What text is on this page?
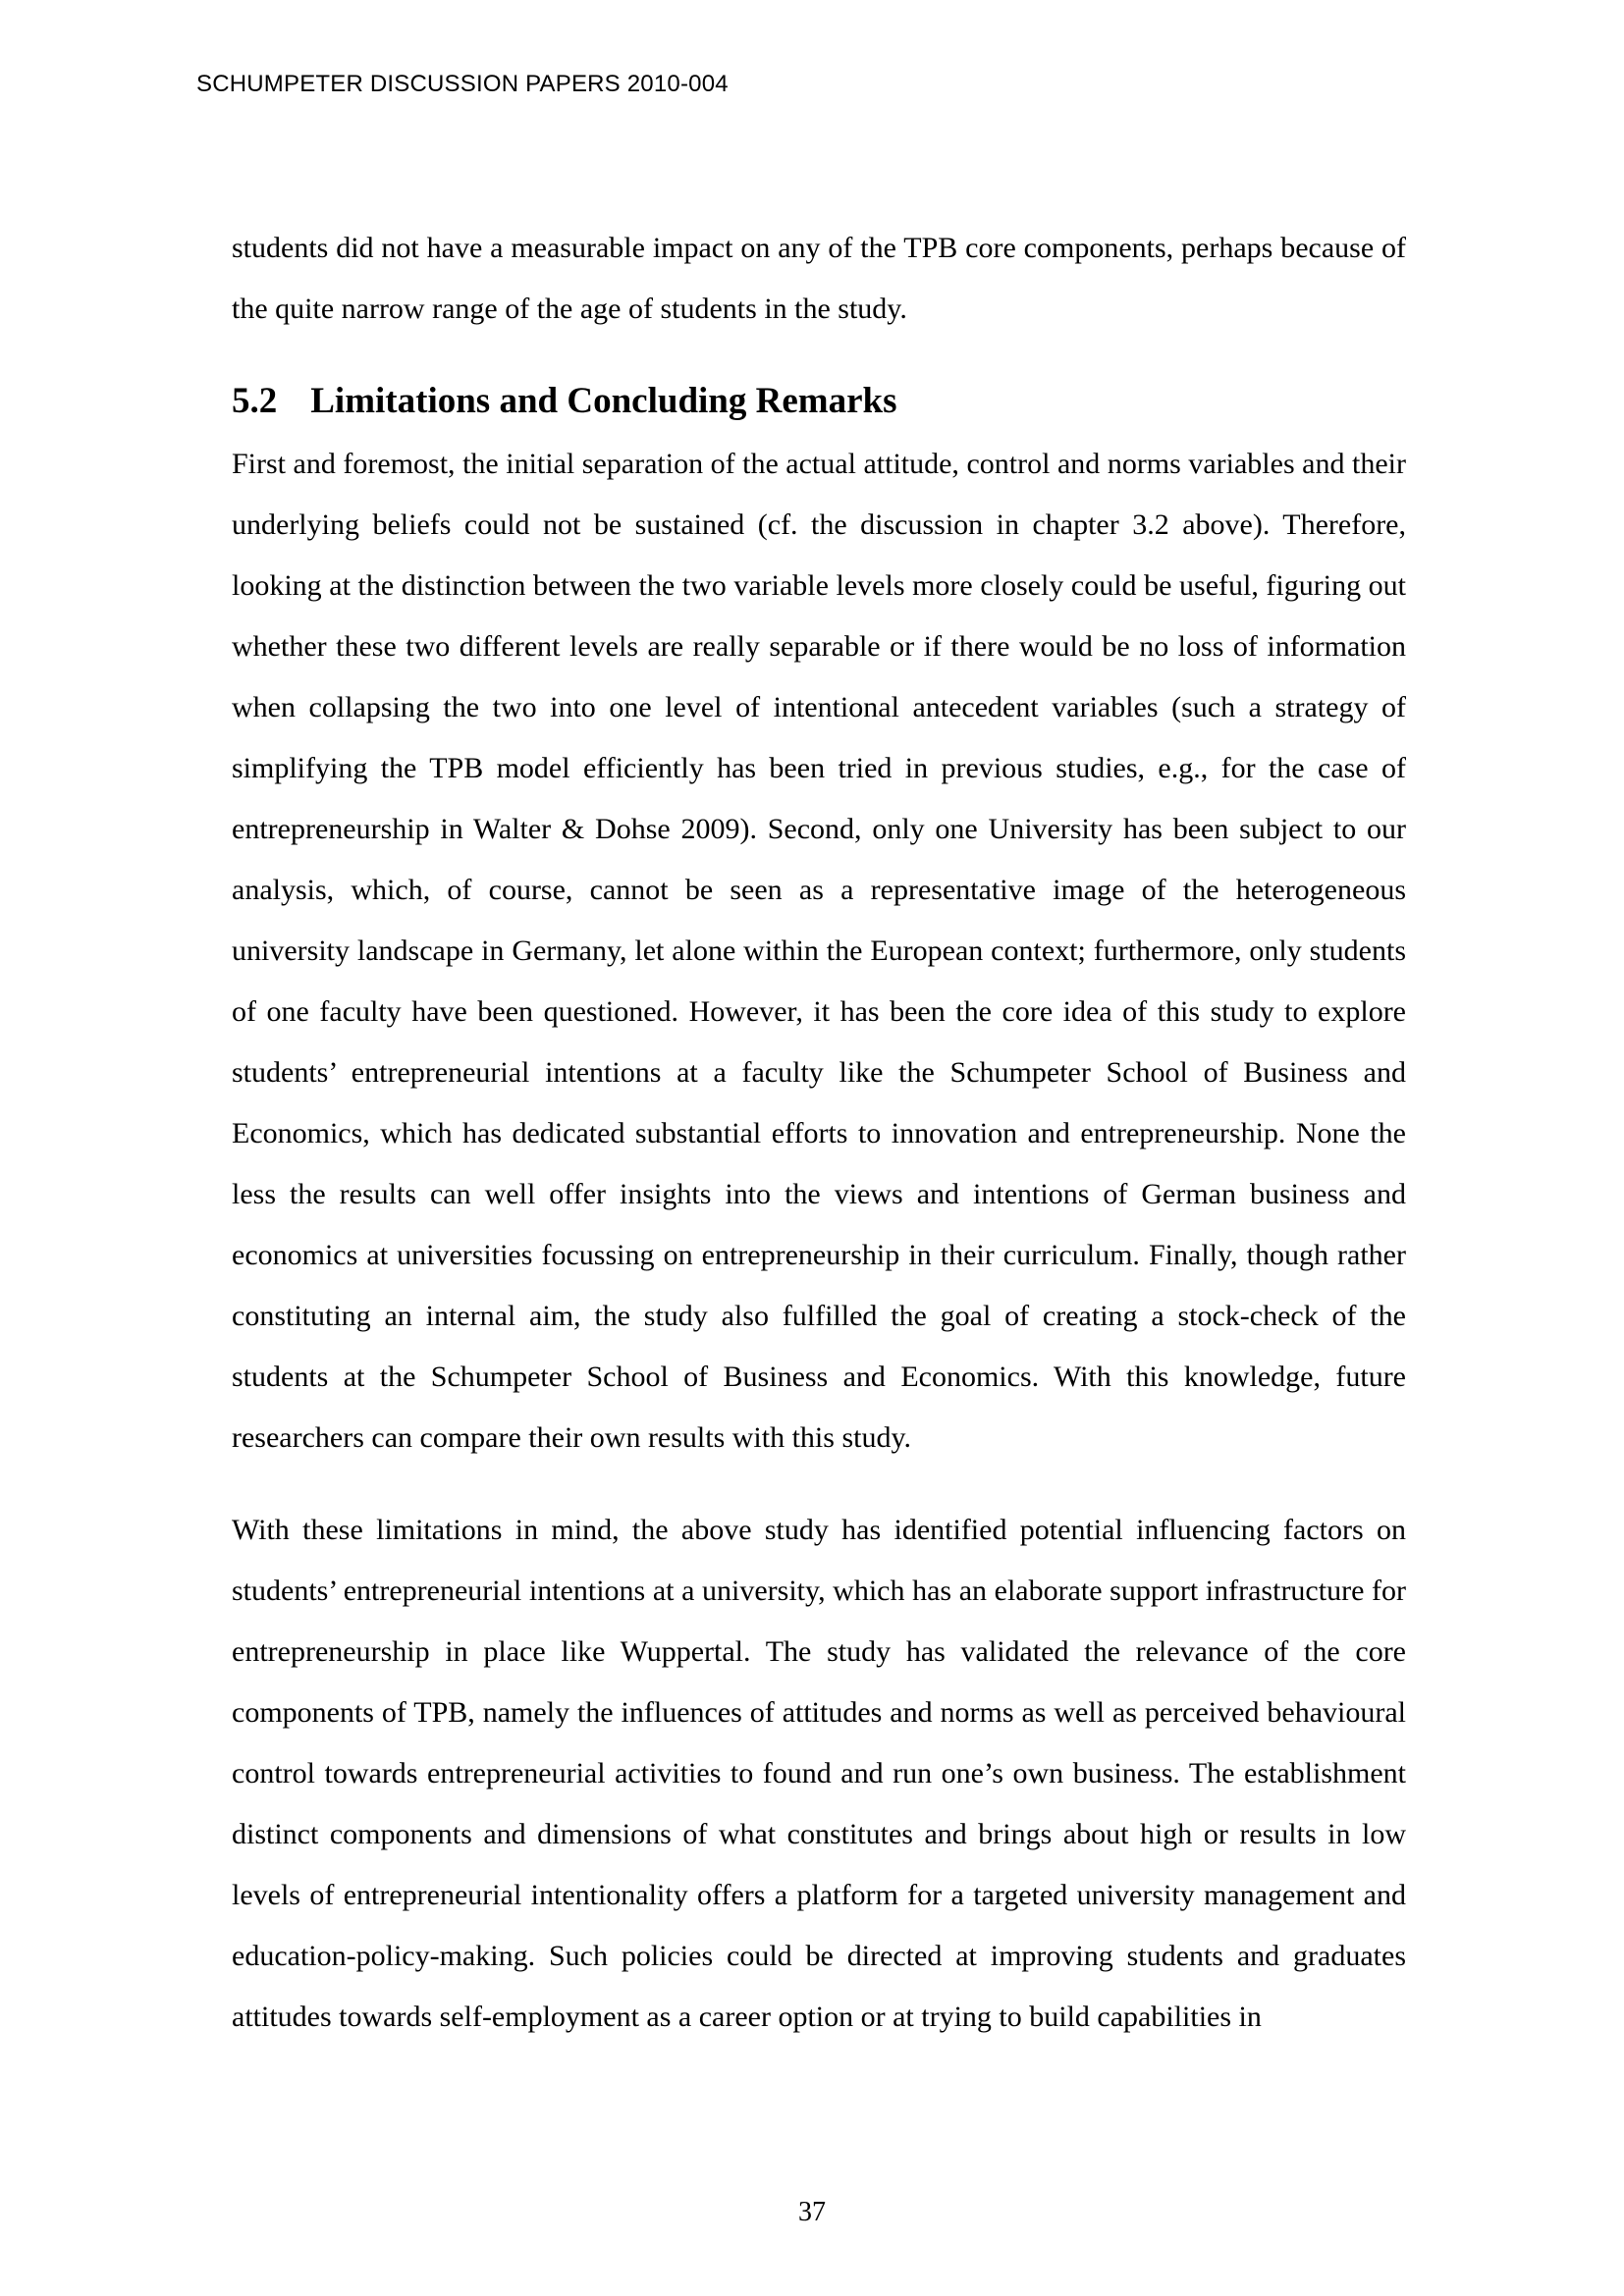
SCHUMPETER DISCUSSION PAPERS 2010-004

students did not have a measurable impact on any of the TPB core components, perhaps because of the quite narrow range of the age of students in the study.

5.2 Limitations and Concluding Remarks

First and foremost, the initial separation of the actual attitude, control and norms variables and their underlying beliefs could not be sustained (cf. the discussion in chapter 3.2 above). Therefore, looking at the distinction between the two variable levels more closely could be useful, figuring out whether these two different levels are really separable or if there would be no loss of information when collapsing the two into one level of intentional antecedent variables (such a strategy of simplifying the TPB model efficiently has been tried in previous studies, e.g., for the case of entrepreneurship in Walter & Dohse 2009). Second, only one University has been subject to our analysis, which, of course, cannot be seen as a representative image of the heterogeneous university landscape in Germany, let alone within the European context; furthermore, only students of one faculty have been questioned. However, it has been the core idea of this study to explore students’ entrepreneurial intentions at a faculty like the Schumpeter School of Business and Economics, which has dedicated substantial efforts to innovation and entrepreneurship. None the less the results can well offer insights into the views and intentions of German business and economics at universities focussing on entrepreneurship in their curriculum. Finally, though rather constituting an internal aim, the study also fulfilled the goal of creating a stock-check of the students at the Schumpeter School of Business and Economics. With this knowledge, future researchers can compare their own results with this study.

With these limitations in mind, the above study has identified potential influencing factors on students’ entrepreneurial intentions at a university, which has an elaborate support infrastructure for entrepreneurship in place like Wuppertal. The study has validated the relevance of the core components of TPB, namely the influences of attitudes and norms as well as perceived behavioural control towards entrepreneurial activities to found and run one’s own business. The establishment distinct components and dimensions of what constitutes and brings about high or results in low levels of entrepreneurial intentionality offers a platform for a targeted university management and education-policy-making. Such policies could be directed at improving students and graduates attitudes towards self-employment as a career option or at trying to build capabilities in

37
